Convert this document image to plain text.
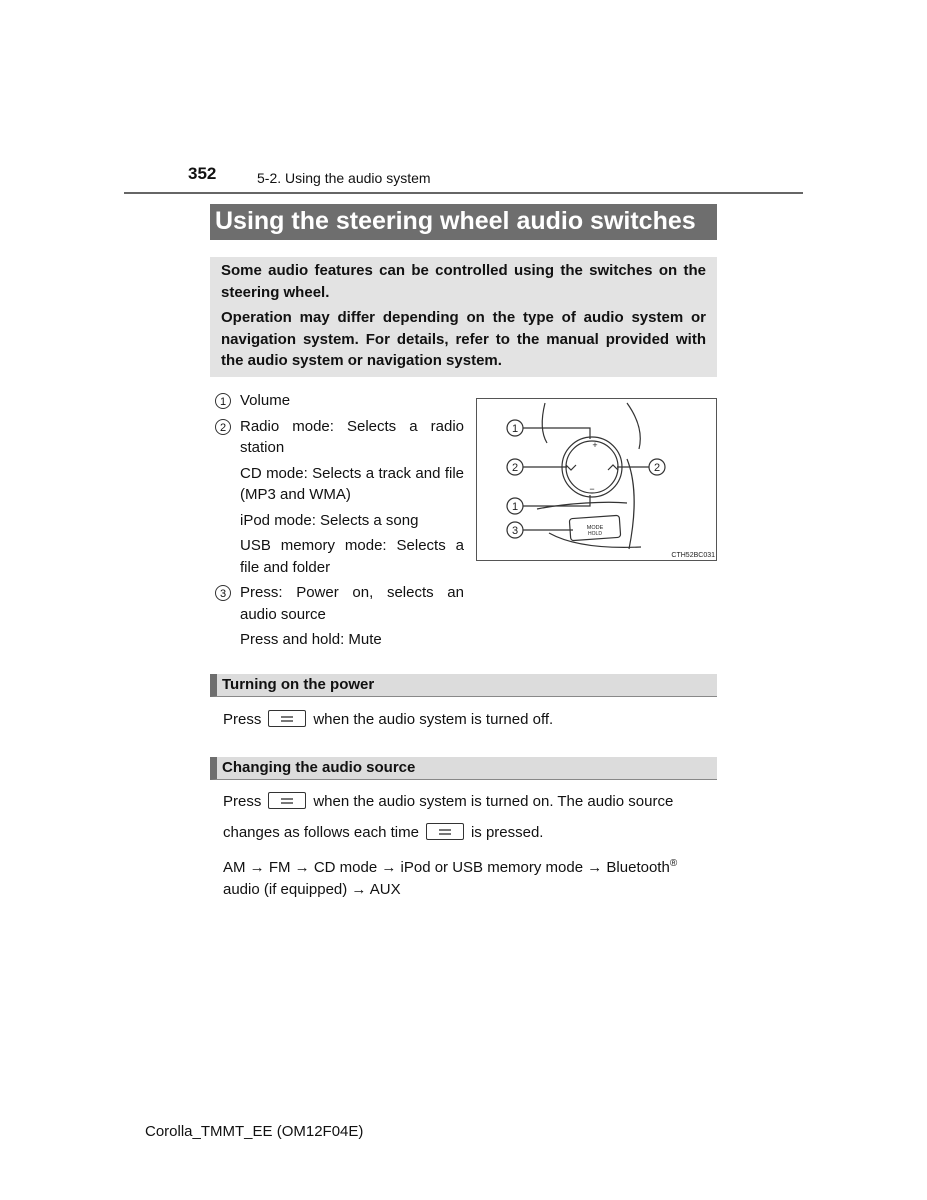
352	5-2. Using the audio system
Using the steering wheel audio switches

Some audio features can be controlled using the switches on the steering wheel.

Operation may differ depending on the type of audio system or navigation system. For details, refer to the manual provided with the audio system or navigation system.

1 Volume
2 Radio mode: Selects a radio station
CD mode: Selects a track and file (MP3 and WMA)
iPod mode: Selects a song
USB memory mode: Selects a file and folder
3 Press: Power on, selects an audio source
Press and hold: Mute
1
2	2
1
3
+
−
MODE
HOLD
CTH52BC031
Turning on the power
Press	when the audio system is turned off.
Changing the audio source
Press	when the audio system is turned on. The audio source
changes as follows each time	is pressed.
AM → FM → CD mode → iPod or USB memory mode → Bluetooth®
audio (if equipped) → AUX
Corolla_TMMT_EE (OM12F04E)
